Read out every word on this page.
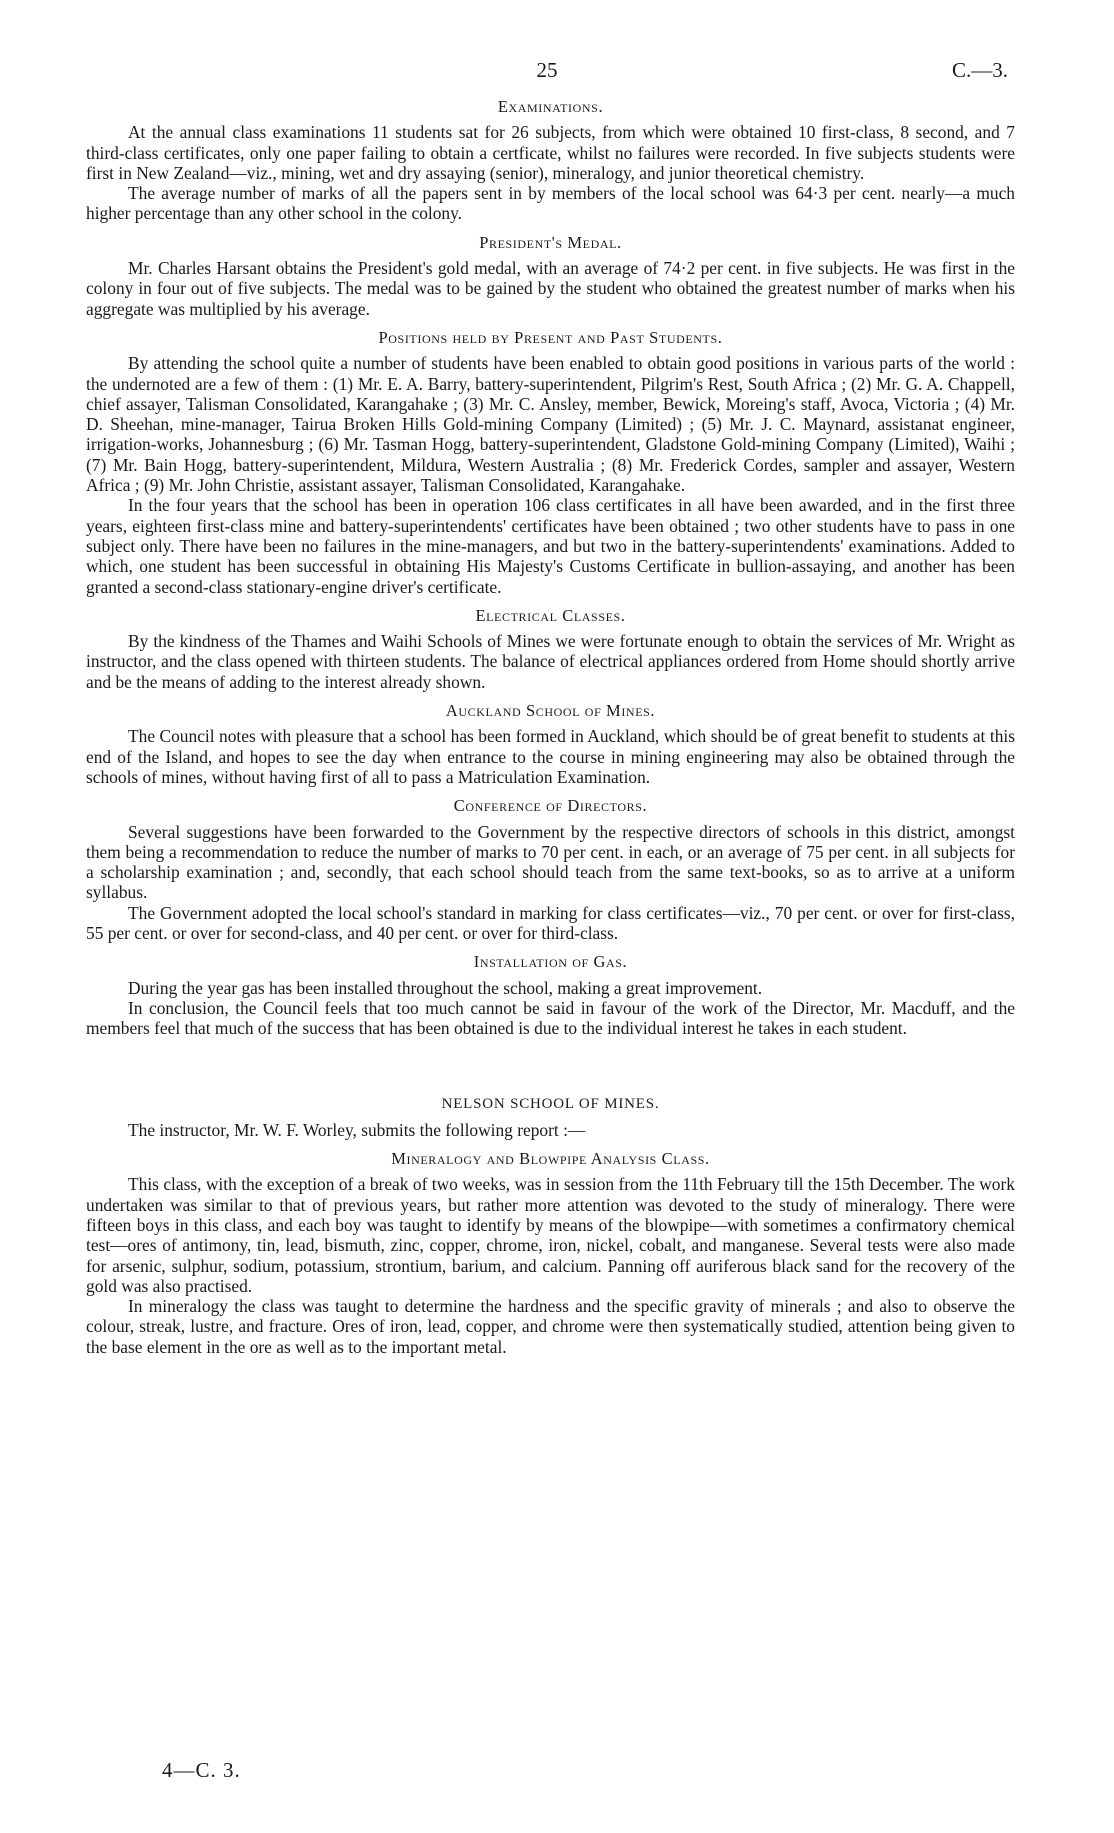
25	C.—3.
Examinations.

At the annual class examinations 11 students sat for 26 subjects, from which were obtained 10 first-class, 8 second, and 7 third-class certificates, only one paper failing to obtain a certficate, whilst no failures were recorded. In five subjects students were first in New Zealand—viz., mining, wet and dry assaying (senior), mineralogy, and junior theoretical chemistry.

The average number of marks of all the papers sent in by members of the local school was 64·3 per cent. nearly—a much higher percentage than any other school in the colony.

President's Medal.

Mr. Charles Harsant obtains the President's gold medal, with an average of 74·2 per cent. in five subjects. He was first in the colony in four out of five subjects. The medal was to be gained by the student who obtained the greatest number of marks when his aggregate was multiplied by his average.

Positions held by Present and Past Students.

By attending the school quite a number of students have been enabled to obtain good positions in various parts of the world : the undernoted are a few of them : (1) Mr. E. A. Barry, battery-superintendent, Pilgrim's Rest, South Africa ; (2) Mr. G. A. Chappell, chief assayer, Talisman Consolidated, Karangahake ; (3) Mr. C. Ansley, member, Bewick, Moreing's staff, Avoca, Victoria ; (4) Mr. D. Sheehan, mine-manager, Tairua Broken Hills Gold-mining Company (Limited) ; (5) Mr. J. C. Maynard, assistanat engineer, irrigation-works, Johannesburg ; (6) Mr. Tasman Hogg, battery-superintendent, Gladstone Gold-mining Company (Limited), Waihi ; (7) Mr. Bain Hogg, battery-superintendent, Mildura, Western Australia ; (8) Mr. Frederick Cordes, sampler and assayer, Western Africa ; (9) Mr. John Christie, assistant assayer, Talisman Consolidated, Karangahake.

In the four years that the school has been in operation 106 class certificates in all have been awarded, and in the first three years, eighteen first-class mine and battery-superintendents' certificates have been obtained ; two other students have to pass in one subject only. There have been no failures in the mine-managers, and but two in the battery-superintendents' examinations. Added to which, one student has been successful in obtaining His Majesty's Customs Certificate in bullion-assaying, and another has been granted a second-class stationary-engine driver's certificate.

Electrical Classes.

By the kindness of the Thames and Waihi Schools of Mines we were fortunate enough to obtain the services of Mr. Wright as instructor, and the class opened with thirteen students. The balance of electrical appliances ordered from Home should shortly arrive and be the means of adding to the interest already shown.

Auckland School of Mines.

The Council notes with pleasure that a school has been formed in Auckland, which should be of great benefit to students at this end of the Island, and hopes to see the day when entrance to the course in mining engineering may also be obtained through the schools of mines, without having first of all to pass a Matriculation Examination.

Conference of Directors.

Several suggestions have been forwarded to the Government by the respective directors of schools in this district, amongst them being a recommendation to reduce the number of marks to 70 per cent. in each, or an average of 75 per cent. in all subjects for a scholarship examination ; and, secondly, that each school should teach from the same text-books, so as to arrive at a uniform syllabus.

The Government adopted the local school's standard in marking for class certificates—viz., 70 per cent. or over for first-class, 55 per cent. or over for second-class, and 40 per cent. or over for third-class.

Installation of Gas.

During the year gas has been installed throughout the school, making a great improvement.

In conclusion, the Council feels that too much cannot be said in favour of the work of the Director, Mr. Macduff, and the members feel that much of the success that has been obtained is due to the individual interest he takes in each student.

NELSON SCHOOL OF MINES.

The instructor, Mr. W. F. Worley, submits the following report :—

Mineralogy and Blowpipe Analysis Class.

This class, with the exception of a break of two weeks, was in session from the 11th February till the 15th December. The work undertaken was similar to that of previous years, but rather more attention was devoted to the study of mineralogy. There were fifteen boys in this class, and each boy was taught to identify by means of the blowpipe—with sometimes a confirmatory chemical test—ores of antimony, tin, lead, bismuth, zinc, copper, chrome, iron, nickel, cobalt, and manganese. Several tests were also made for arsenic, sulphur, sodium, potassium, strontium, barium, and calcium. Panning off auriferous black sand for the recovery of the gold was also practised.

In mineralogy the class was taught to determine the hardness and the specific gravity of minerals ; and also to observe the colour, streak, lustre, and fracture. Ores of iron, lead, copper, and chrome were then systematically studied, attention being given to the base element in the ore as well as to the important metal.

4—C. 3.
